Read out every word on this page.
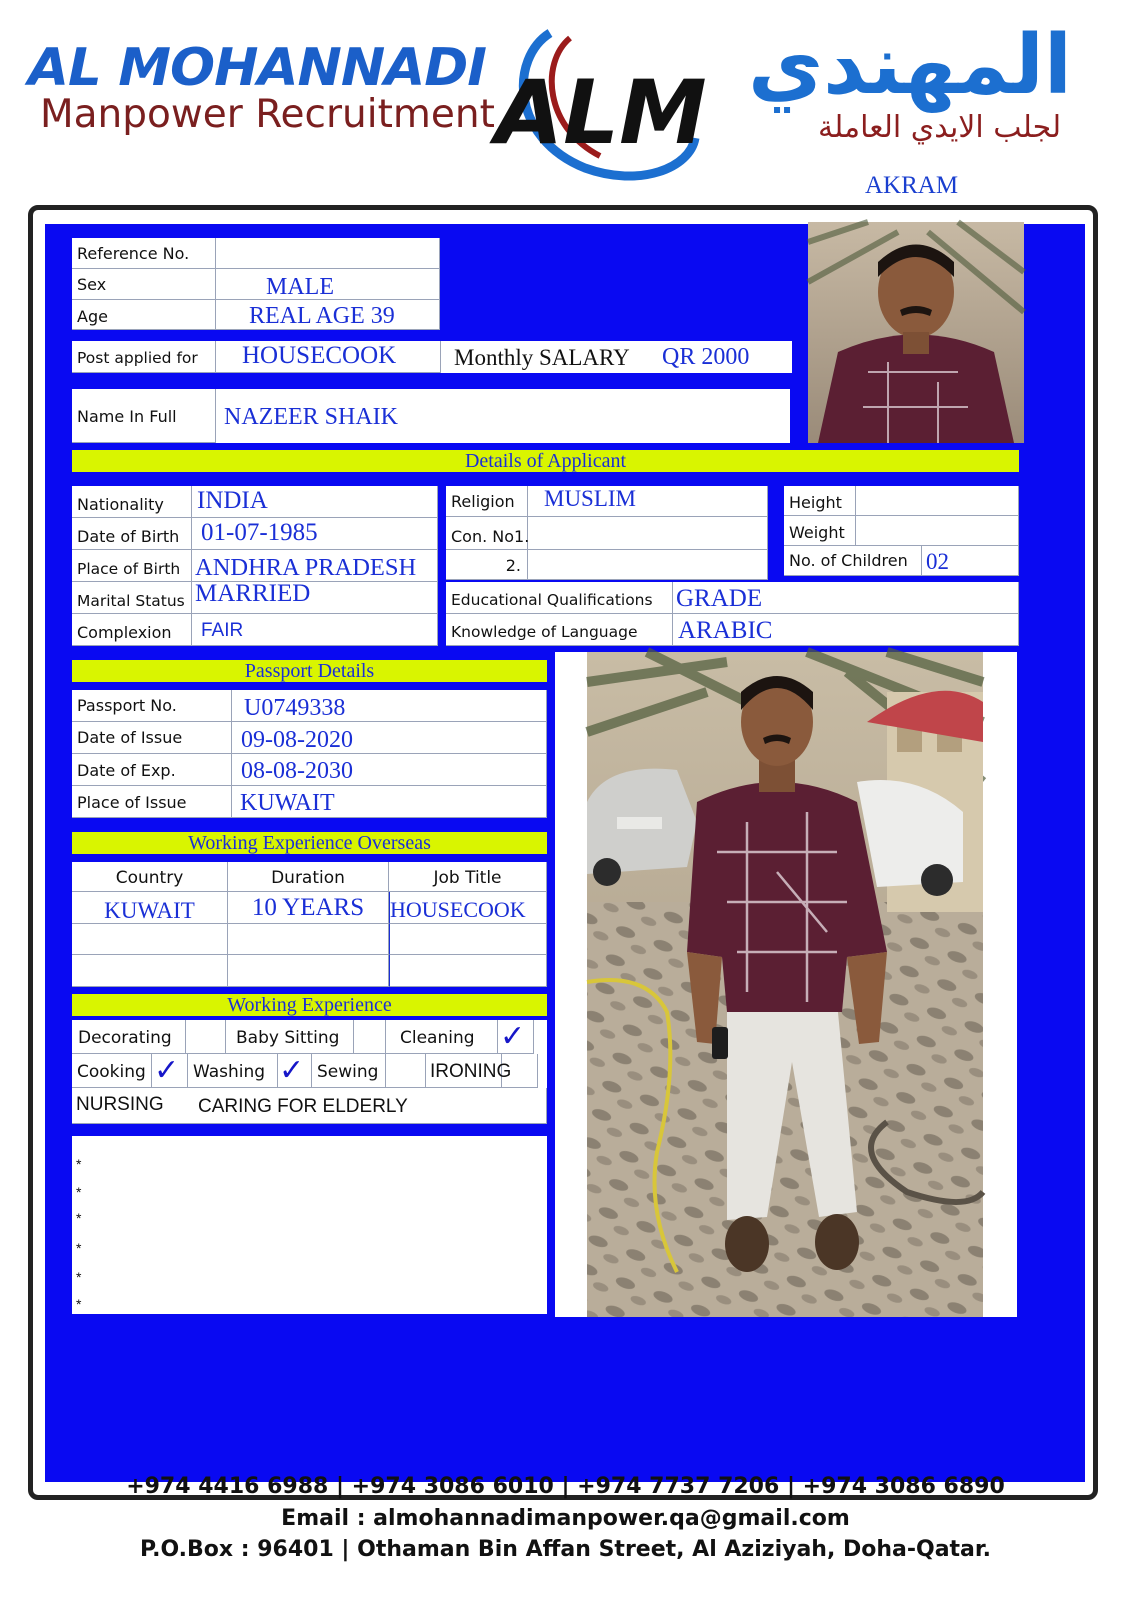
AL MOHANNADI
Manpower Recruitment ALM المهندي
لجلب الايدي العاملة
AKRAM
Reference No.
Sex	MALE
Age	REAL AGE 39
Post applied for	HOUSECOOK	Monthly SALARY QR 2000
Name In Full	NAZEER SHAIK
Details of Applicant
Nationality	INDIA
Date of Birth 01-07-1985
Place of Birth ANDHRA PRADESH
Marital Status MARRIED
Complexion	FAIR
Religion	MUSLIM
Con. No1.
2.
Height
Weight
No. of Children 02
Educational Qualifications GRADE
Knowledge of Language	ARABIC
Passport Details
Passport No.	U0749338
Date of Issue	09-08-2020
Date of Exp.	08-08-2030
Place of Issue	KUWAIT
Working Experience Overseas
Country	Duration	Job Title
KUWAIT	10 YEARS	HOUSECOOK
Working Experience
Decorating	Baby Sitting	Cleaning ✓
Cooking ✓ Washing ✓ Sewing	IRONING
NURSING	CARING FOR ELDERLY
*
*
*
*
*
*
+974 4416 6988 | +974 3086 6010 | +974 7737 7206 | +974 3086 6890
Email : almohannadimanpower.qa@gmail.com
P.O.Box : 96401 | Othaman Bin Affan Street, Al Aziziyah, Doha-Qatar.
